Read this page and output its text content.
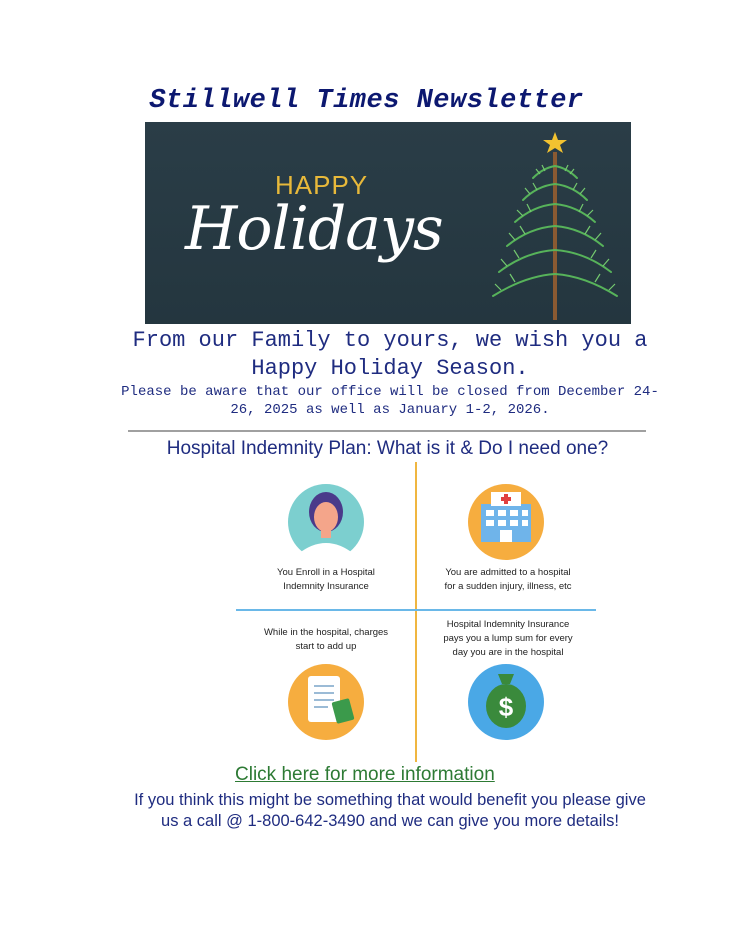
Stillwell Times Newsletter
HAPPY
Holidays
From our Family to yours, we wish you a Happy Holiday Season.
Please be aware that our office will be closed from December 24-26, 2025 as well as January 1-2, 2026.
Hospital Indemnity Plan: What is it & Do I need one?
$
You Enroll in a Hospital
Indemnity Insurance
You are admitted to a hospital
for a sudden injury, illness, etc
While in the hospital, charges
start to add up
Hospital Indemnity Insurance
pays you a lump sum for every
day you are in the hospital
Click here for more information
If you think this might be something that would benefit you please give us a call @ 1-800-642-3490 and we can give you more details!
